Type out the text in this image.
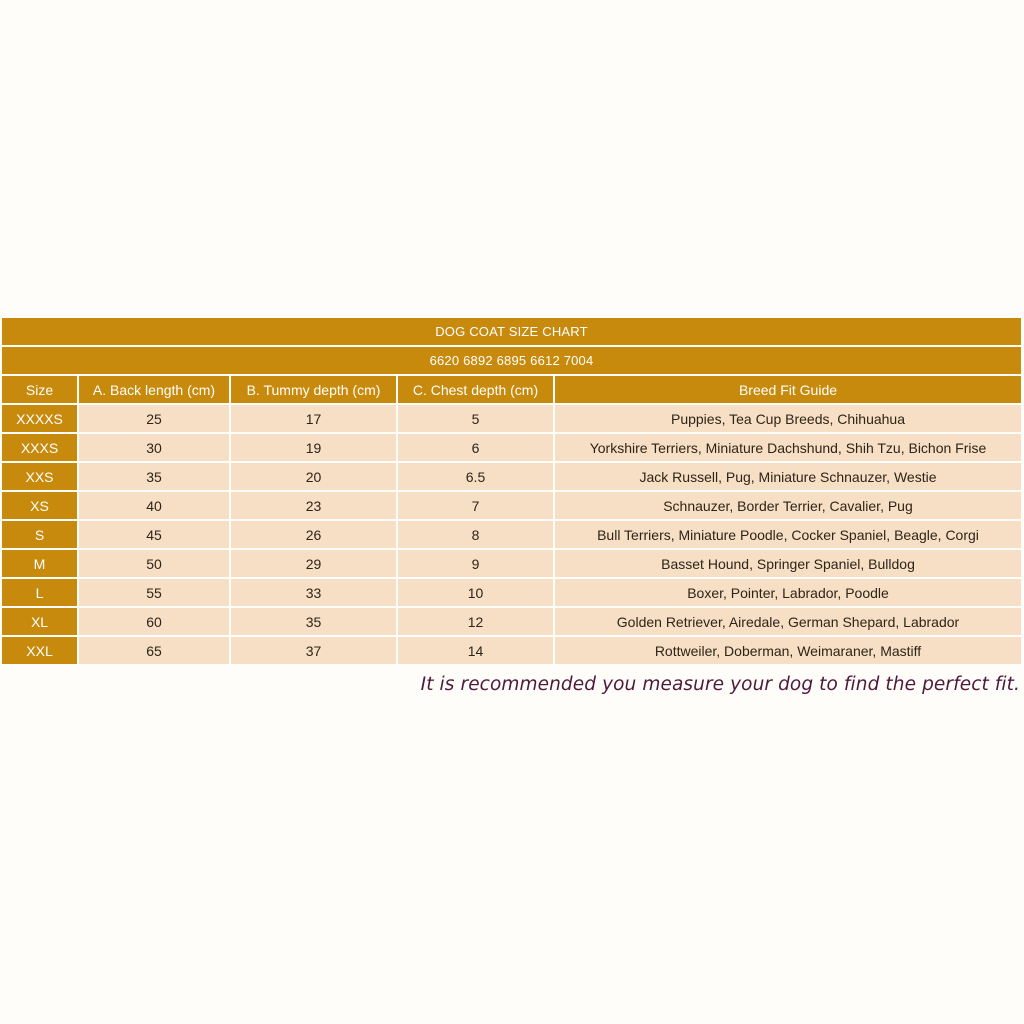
DOG COAT SIZE CHART
6620 6892 6895 6612 7004
Size	A. Back length (cm)	B. Tummy depth (cm)	C. Chest depth (cm)	Breed Fit Guide
XXXXS	25	17	5	Puppies, Tea Cup Breeds, Chihuahua
XXXS	30	19	6	Yorkshire Terriers, Miniature Dachshund, Shih Tzu, Bichon Frise
XXS	35	20	6.5	Jack Russell, Pug, Miniature Schnauzer, Westie
XS	40	23	7	Schnauzer, Border Terrier, Cavalier, Pug
S	45	26	8	Bull Terriers, Miniature Poodle, Cocker Spaniel, Beagle, Corgi
M	50	29	9	Basset Hound, Springer Spaniel, Bulldog
L	55	33	10	Boxer, Pointer, Labrador, Poodle
XL	60	35	12	Golden Retriever, Airedale, German Shepard, Labrador
XXL	65	37	14	Rottweiler, Doberman, Weimaraner, Mastiff
It is recommended you measure your dog to find the perfect fit.
